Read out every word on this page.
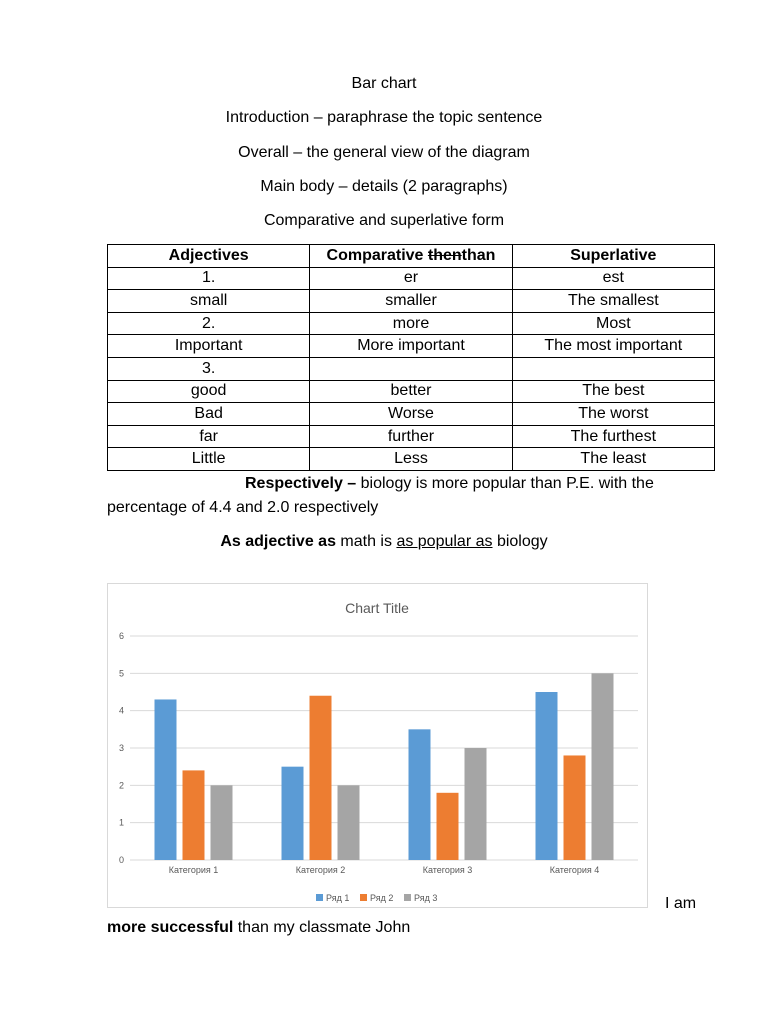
Bar chart
Introduction – paraphrase the topic sentence
Overall – the general view of the diagram
Main body – details (2 paragraphs)
Comparative and superlative form
Adjectives	Comparative thenthan	Superlative
1.	er	est
small	smaller	The smallest
2.	more	Most
Important	More important	The most important
3.		
good	better	The best
Bad	Worse	The worst
far	further	The furthest
Little	Less	The least
Respectively – biology is more popular than P.E. with the
percentage of 4.4 and 2.0 respectively
As adjective as math is as popular as biology
Chart Title
0
1
2
3
4
5
6
Категория 1	Категория 2	Категория 3	Категория 4
Ряд 1 Ряд 2 Ряд 3	I am
more successful than my classmate John
